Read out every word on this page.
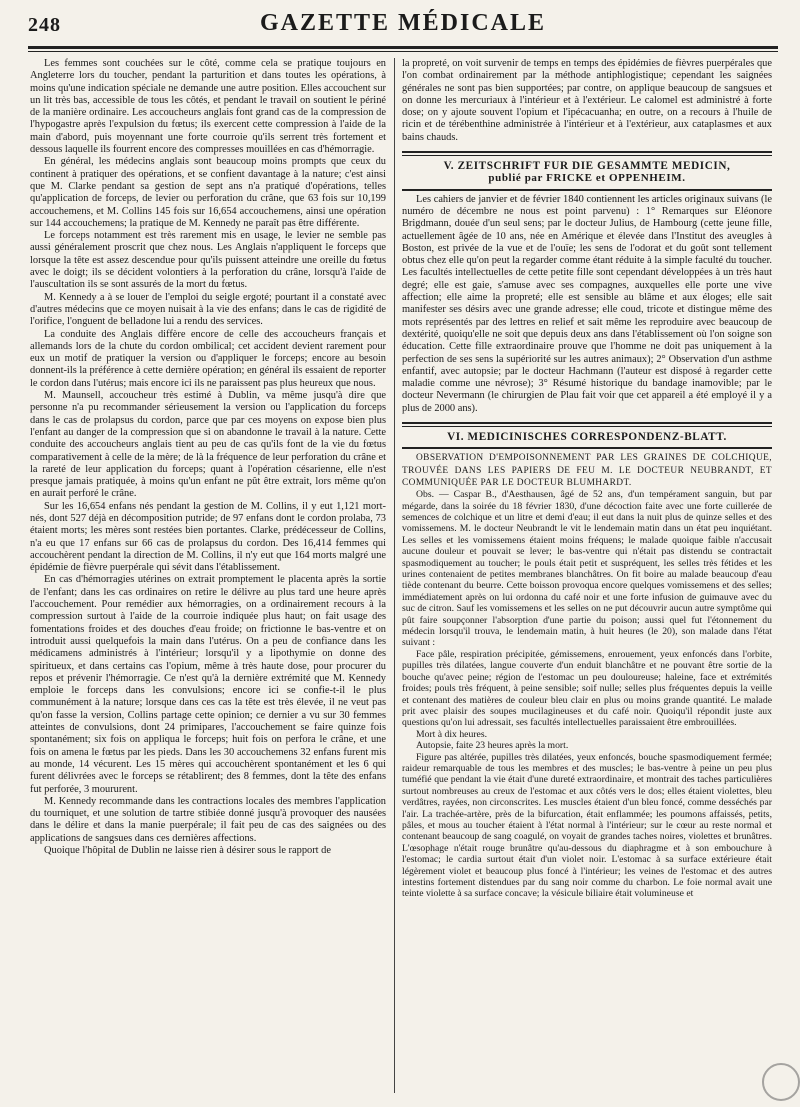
248	GAZETTE MÉDICALE

Les femmes sont couchées sur le côté, comme cela se pratique toujours en Angleterre lors du toucher, pendant la parturition et dans toutes les opérations, à moins qu'une indication spéciale ne demande une autre position. Elles accouchent sur un lit très bas, accessible de tous les côtés, et pendant le travail on soutient le périné de la manière ordinaire. Les accoucheurs anglais font grand cas de la compression de l'hypogastre après l'expulsion du fœtus; ils exercent cette compression à l'aide de la main d'abord, puis moyennant une forte courroie qu'ils serrent très fortement et dessous laquelle ils fourrent encore des compresses mouillées en cas d'hémorragie.

En général, les médecins anglais sont beaucoup moins prompts que ceux du continent à pratiquer des opérations, et se confient davantage à la nature; c'est ainsi que M. Clarke pendant sa gestion de sept ans n'a pratiqué d'opérations, telles qu'application de forceps, de levier ou perforation du crâne, que 63 fois sur 10,199 accouchemens, et M. Collins 145 fois sur 16,654 accouchemens, ainsi une opération sur 144 accouchemens; la pratique de M. Kennedy ne paraît pas être différente.

Le forceps notamment est très rarement mis en usage, le levier ne semble pas aussi généralement proscrit que chez nous. Les Anglais n'appliquent le forceps que lorsque la tête est assez descendue pour qu'ils puissent atteindre une oreille du fœtus avec le doigt; ils se décident volontiers à la perforation du crâne, lorsqu'à l'aide de l'auscultation ils se sont assurés de la mort du fœtus.

M. Kennedy a à se louer de l'emploi du seigle ergoté; pourtant il a constaté avec d'autres médecins que ce moyen nuisait à la vie des enfans; dans le cas de rigidité de l'orifice, l'onguent de belladone lui a rendu des services.

La conduite des Anglais diffère encore de celle des accoucheurs français et allemands lors de la chute du cordon ombilical; cet accident devient rarement pour eux un motif de pratiquer la version ou d'appliquer le forceps; encore au besoin donnent-ils la préférence à cette dernière opération; en général ils essaient de reporter le cordon dans l'utérus; mais encore ici ils ne paraissent pas plus heureux que nous.

M. Maunsell, accoucheur très estimé à Dublin, va même jusqu'à dire que personne n'a pu recommander sérieusement la version ou l'application du forceps dans le cas de prolapsus du cordon, parce que par ces moyens on expose bien plus l'enfant au danger de la compression que si on abandonne le travail à la nature. Cette conduite des accoucheurs anglais tient au peu de cas qu'ils font de la vie du fœtus comparativement à celle de la mère; de là la fréquence de leur perforation du crâne et la rareté de leur application du forceps; quant à l'opération césarienne, elle n'est presque jamais pratiquée, à moins qu'un enfant ne pût être extrait, lors même qu'on en aurait perforé le crâne.

Sur les 16,654 enfans nés pendant la gestion de M. Collins, il y eut 1,121 mort-nés, dont 527 déjà en décomposition putride; de 97 enfans dont le cordon prolaba, 73 étaient morts; les mères sont restées bien portantes. Clarke, prédécesseur de Collins, n'a eu que 17 enfans sur 66 cas de prolapsus du cordon. Des 16,414 femmes qui accouchèrent pendant la direction de M. Collins, il n'y eut que 164 morts malgré une épidémie de fièvre puerpérale qui sévit dans l'établissement.

En cas d'hémorragies utérines on extrait promptement le placenta après la sortie de l'enfant; dans les cas ordinaires on retire le délivre au plus tard une heure après l'accouchement. Pour remédier aux hémorragies, on a ordinairement recours à la compression surtout à l'aide de la courroie indiquée plus haut; on fait usage des fomentations froides et des douches d'eau froide; on frictionne le bas-ventre et on introduit aussi quelquefois la main dans l'utérus. On a peu de confiance dans les médicamens administrés à l'intérieur; lorsqu'il y a lipothymie on donne des spiritueux, et dans certains cas l'opium, même à très haute dose, pour procurer du repos et prévenir l'hémorragie. Ce n'est qu'à la dernière extrémité que M. Kennedy emploie le forceps dans les convulsions; encore ici se confie-t-il le plus communément à la nature; lorsque dans ces cas la tête est très élevée, il ne veut pas qu'on fasse la version, Collins partage cette opinion; ce dernier a vu sur 30 femmes atteintes de convulsions, dont 24 primipares, l'accouchement se faire quinze fois spontanément; six fois on appliqua le forceps; huit fois on perfora le crâne, et une fois on amena le fœtus par les pieds. Dans les 30 accouchemens 32 enfans furent mis au monde, 14 vécurent. Les 15 mères qui accouchèrent spontanément et les 6 qui furent délivrées avec le forceps se rétablirent; des 8 femmes, dont la tête des enfans fut perforée, 3 moururent.

M. Kennedy recommande dans les contractions locales des membres l'application du tourniquet, et une solution de tartre stibiée donné jusqu'à provoquer des nausées dans le délire et dans la manie puerpérale; il fait peu de cas des saignées ou des applications de sangsues dans ces dernières affections.

Quoique l'hôpital de Dublin ne laisse rien à désirer sous le rapport de

la propreté, on voit survenir de temps en temps des épidémies de fièvres puerpérales que l'on combat ordinairement par la méthode antiphlogistique; cependant les saignées générales ne sont pas bien supportées; par contre, on applique beaucoup de sangsues et on donne les mercuriaux à l'intérieur et à l'extérieur. Le calomel est administré à forte dose; on y ajoute souvent l'opium et l'ipécacuanha; en outre, on a recours à l'huile de ricin et de térébenthine administrée à l'intérieur et à l'extérieur, aux cataplasmes et aux bains chauds.

V. ZEITSCHRIFT FUR DIE GESAMMTE MEDICIN,
publié par FRICKE et OPPENHEIM.

Les cahiers de janvier et de février 1840 contiennent les articles originaux suivans (le numéro de décembre ne nous est point parvenu) : 1° Remarques sur Eléonore Brigdmann, douée d'un seul sens; par le docteur Julius, de Hambourg (cette jeune fille, actuellement âgée de 10 ans, née en Amérique et élevée dans l'Institut des aveugles à Boston, est privée de la vue et de l'ouïe; les sens de l'odorat et du goût sont tellement obtus chez elle qu'on peut la regarder comme étant réduite à la simple faculté du toucher. Les facultés intellectuelles de cette petite fille sont cependant développées à un très haut degré; elle est gaie, s'amuse avec ses compagnes, auxquelles elle porte une vive affection; elle aime la propreté; elle est sensible au blâme et aux éloges; elle sait manifester ses désirs avec une grande adresse; elle coud, tricote et distingue même des mots représentés par des lettres en relief et sait même les reproduire avec beaucoup de dextérité, quoiqu'elle ne soit que depuis deux ans dans l'établissement où l'on soigne son éducation. Cette fille extraordinaire prouve que l'homme ne doit pas uniquement à la perfection de ses sens la supériorité sur les autres animaux); 2° Observation d'un asthme enfantif, avec autopsie; par le docteur Hachmann (l'auteur est disposé à regarder cette maladie comme une névrose); 3° Résumé historique du bandage inamovible; par le docteur Nevermann (le chirurgien de Plau fait voir que cet appareil a été employé il y a plus de 2000 ans).

VI. MEDICINISCHES CORRESPONDENZ-BLATT.

OBSERVATION D'EMPOISONNEMENT PAR LES GRAINES DE COLCHIQUE, TROUVÉE DANS LES PAPIERS DE FEU M. LE DOCTEUR NEUBRANDT, ET COMMUNIQUÉE PAR LE DOCTEUR BLUMHARDT.

Obs. — Caspar B., d'Aesthausen, âgé de 52 ans, d'un tempérament sanguin, but par mégarde, dans la soirée du 18 février 1830, d'une décoction faite avec une forte cuillerée de semences de colchique et un litre et demi d'eau; il eut dans la nuit plus de quinze selles et des vomissemens. M. le docteur Neubrandt le vit le lendemain matin dans un état peu inquiétant. Les selles et les vomissemens étaient moins fréquens; le malade quoique faible n'accusait aucune douleur et pouvait se lever; le bas-ventre qui n'était pas distendu se contractait spasmodiquement au toucher; le pouls était petit et suspréquent, les selles très fétides et les urines contenaient de petites membranes blanchâtres. On fit boire au malade beaucoup d'eau tiède contenant du beurre. Cette boisson provoqua encore quelques vomissemens et des selles; immédiatement après on lui ordonna du café noir et une forte infusion de guimauve avec du suc de citron. Sauf les vomissemens et les selles on ne put découvrir aucun autre symptôme qui pût faire soupçonner l'absorption d'une partie du poison; aussi quel fut l'étonnement du médecin lorsqu'il trouva, le lendemain matin, à huit heures (le 20), son malade dans l'état suivant :

Face pâle, respiration précipitée, gémissemens, enrouement, yeux enfoncés dans l'orbite, pupilles très dilatées, langue couverte d'un enduit blanchâtre et ne pouvant être sortie de la bouche qu'avec peine; région de l'estomac un peu douloureuse; haleine, face et extrémités froides; pouls très fréquent, à peine sensible; soif nulle; selles plus fréquentes depuis la veille et contenant des matières de couleur bleu clair en plus ou moins grande quantité. Le malade prit avec plaisir des soupes mucilagineuses et du café noir. Quoiqu'il répondit juste aux questions qu'on lui adressait, ses facultés intellectuelles paraissaient être embrouillées.

Mort à dix heures.

Autopsie, faite 23 heures après la mort.

Figure pas altérée, pupilles très dilatées, yeux enfoncés, bouche spasmodiquement fermée; raideur remarquable de tous les membres et des muscles; le bas-ventre à peine un peu plus tuméfié que pendant la vie était d'une dureté extraordinaire, et montrait des taches particulières surtout nombreuses au creux de l'estomac et aux côtés vers le dos; elles étaient violettes, bleu verdâtres, rayées, non circonscrites. Les muscles étaient d'un bleu foncé, comme desséchés par l'air. La trachée-artère, près de la bifurcation, était enflammée; les poumons affaissés, petits, pâles, et mous au toucher étaient à l'état normal à l'intérieur; sur le cœur au reste normal et contenant beaucoup de sang coagulé, on voyait de grandes taches noires, violettes et brunâtres. L'œsophage n'était rouge brunâtre qu'au-dessous du diaphragme et à son embouchure à l'estomac; le cardia surtout était d'un violet noir. L'estomac à sa surface extérieure était légèrement violet et beaucoup plus foncé à l'intérieur; les veines de l'estomac et des autres intestins fortement distendues par du sang noir comme du charbon. Le foie normal avait une teinte violette à sa surface concave; la vésicule biliaire était volumineuse et
